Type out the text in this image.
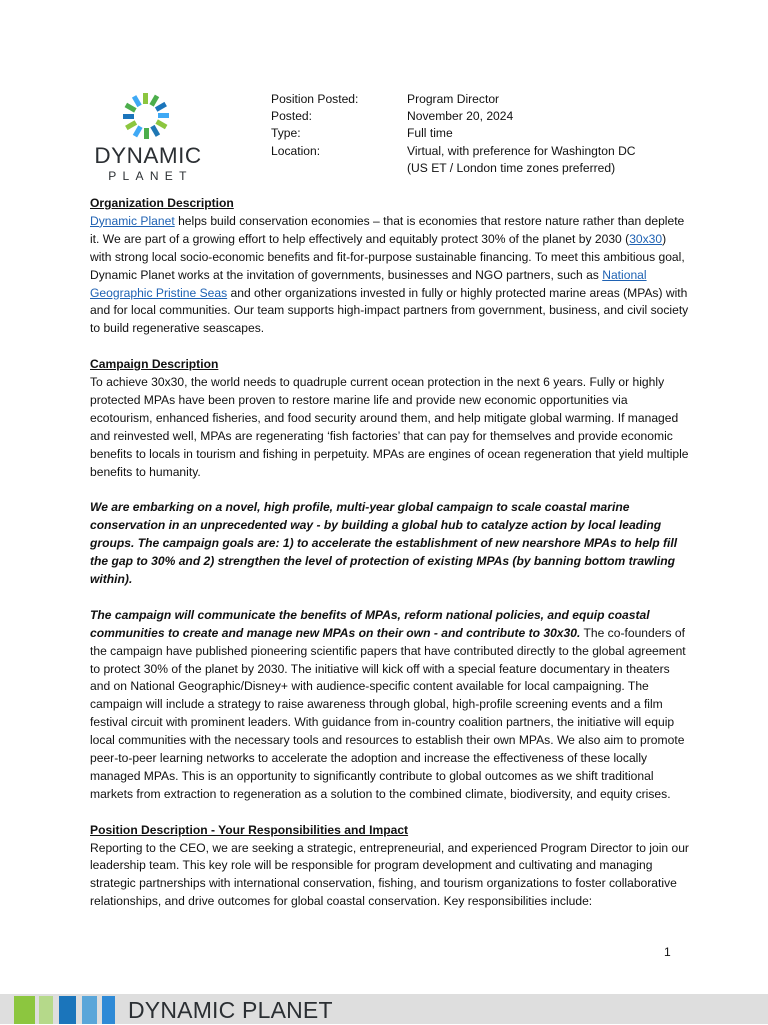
DYNAMIC
PLANET
Position Posted:	Program Director
Posted:	November 20, 2024
Type:	Full time
Location:	Virtual, with preference for Washington DC
(US ET / London time zones preferred)

Organization Description

Dynamic Planet helps build conservation economies – that is economies that restore nature rather than deplete it. We are part of a growing effort to help effectively and equitably protect 30% of the planet by 2030 (30x30) with strong local socio-economic benefits and fit-for-purpose sustainable financing. To meet this ambitious goal, Dynamic Planet works at the invitation of governments, businesses and NGO partners, such as National Geographic Pristine Seas and other organizations invested in fully or highly protected marine areas (MPAs) with and for local communities. Our team supports high-impact partners from government, business, and civil society to build regenerative seascapes.

Campaign Description

To achieve 30x30, the world needs to quadruple current ocean protection in the next 6 years. Fully or highly protected MPAs have been proven to restore marine life and provide new economic opportunities via ecotourism, enhanced fisheries, and food security around them, and help mitigate global warming. If managed and reinvested well, MPAs are regenerating ‘fish factories’ that can pay for themselves and provide economic benefits to locals in tourism and fishing in perpetuity. MPAs are engines of ocean regeneration that yield multiple benefits to humanity.

We are embarking on a novel, high profile, multi-year global campaign to scale coastal marine conservation in an unprecedented way - by building a global hub to catalyze action by local leading groups. The campaign goals are: 1) to accelerate the establishment of new nearshore MPAs to help fill the gap to 30% and 2) strengthen the level of protection of existing MPAs (by banning bottom trawling within).

The campaign will communicate the benefits of MPAs, reform national policies, and equip coastal communities to create and manage new MPAs on their own - and contribute to 30x30. The co-founders of the campaign have published pioneering scientific papers that have contributed directly to the global agreement to protect 30% of the planet by 2030. The initiative will kick off with a special feature documentary in theaters and on National Geographic/Disney+ with audience-specific content available for local campaigning. The campaign will include a strategy to raise awareness through global, high-profile screening events and a film festival circuit with prominent leaders. With guidance from in-country coalition partners, the initiative will equip local communities with the necessary tools and resources to establish their own MPAs. We also aim to promote peer-to-peer learning networks to accelerate the adoption and increase the effectiveness of these locally managed MPAs. This is an opportunity to significantly contribute to global outcomes as we shift traditional markets from extraction to regeneration as a solution to the combined climate, biodiversity, and equity crises.

Position Description - Your Responsibilities and Impact

Reporting to the CEO, we are seeking a strategic, entrepreneurial, and experienced Program Director to join our leadership team. This key role will be responsible for program development and cultivating and managing strategic partnerships with international conservation, fishing, and tourism organizations to foster collaborative relationships, and drive outcomes for global coastal conservation. Key responsibilities include:

1
DYNAMIC PLANET
